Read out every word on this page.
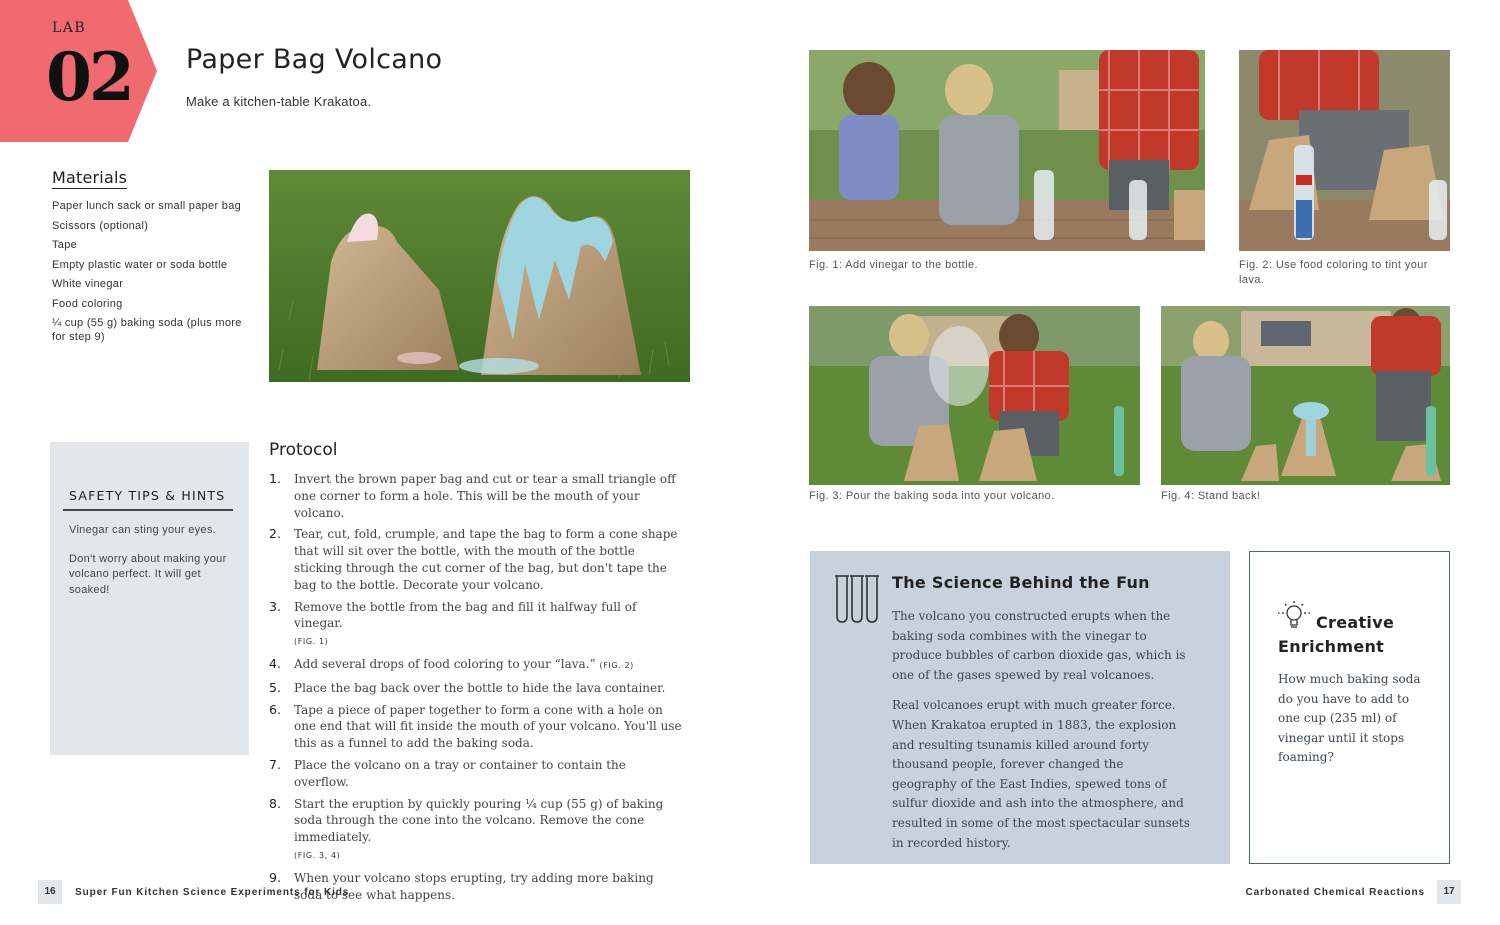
LAB
02 Paper Bag Volcano
Make a kitchen-table Krakatoa.
Materials
Paper lunch sack or small paper bag
Scissors (optional)
Tape
Empty plastic water or soda bottle
White vinegar
Food coloring
¼ cup (55 g) baking soda (plus more for step 9)
SAFETY TIPS & HINTS

Vinegar can sting your eyes.

Don't worry about making your volcano perfect. It will get soaked!

Protocol
1. Invert the brown paper bag and cut or tear a small triangle off one corner to form a hole. This will be the mouth of your volcano.
2. Tear, cut, fold, crumple, and tape the bag to form a cone shape that will sit over the bottle, with the mouth of the bottle sticking through the cut corner of the bag, but don't tape the bag to the bottle. Decorate your volcano.
3. Remove the bottle from the bag and fill it halfway full of vinegar.
(FIG. 1)
4. Add several drops of food coloring to your “lava.” (FIG. 2)
5. Place the bag back over the bottle to hide the lava container.
6. Tape a piece of paper together to form a cone with a hole on one end that will fit inside the mouth of your volcano. You'll use this as a funnel to add the baking soda.
7. Place the volcano on a tray or container to contain the overflow.
8. Start the eruption by quickly pouring ¼ cup (55 g) of baking soda through the cone into the volcano. Remove the cone immediately.
(FIG. 3, 4)
9. When your volcano stops erupting, try adding more baking soda to see what happens.
Fig. 1: Add vinegar to the bottle.	Fig. 2: Use food coloring to tint your lava.
Fig. 3: Pour the baking soda into your volcano.	Fig. 4: Stand back!
The Science Behind the Fun

The volcano you constructed erupts when the baking soda combines with the vinegar to produce bubbles of carbon dioxide gas, which is one of the gases spewed by real volcanoes.

Real volcanoes erupt with much greater force. When Krakatoa erupted in 1883, the explosion and resulting tsunamis killed around forty thousand people, forever changed the geography of the East Indies, spewed tons of sulfur dioxide and ash into the atmosphere, and resulted in some of the most spectacular sunsets in recorded history.

Creative
Enrichment
How much baking soda do you have to add to one cup (235 ml) of vinegar until it stops foaming?
16	Super Fun Kitchen Science Experiments for Kids	Carbonated Chemical Reactions	17
